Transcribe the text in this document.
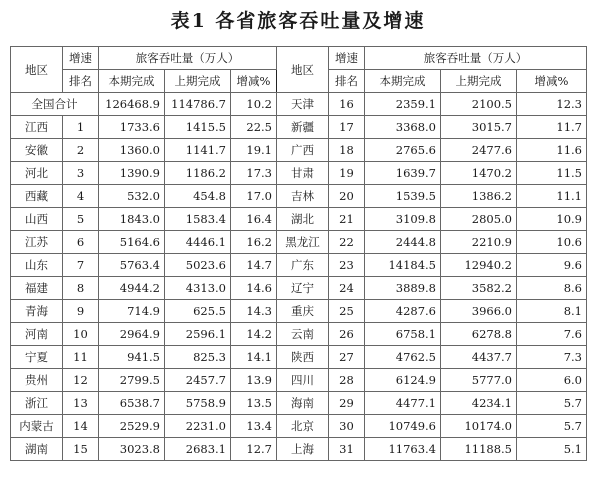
表1 各省旅客吞吐量及增速
地区	增速	旅客吞吐量（万人）			地区	增速	旅客吞吐量（万人）		
	排名	本期完成	上期完成	增减%		排名	本期完成	上期完成	增减%
全国合计		126468.9	114786.7	10.2	天津	16	2359.1	2100.5	12.3
江西	1	1733.6	1415.5	22.5	新疆	17	3368.0	3015.7	11.7
安徽	2	1360.0	1141.7	19.1	广西	18	2765.6	2477.6	11.6
河北	3	1390.9	1186.2	17.3	甘肃	19	1639.7	1470.2	11.5
西藏	4	532.0	454.8	17.0	吉林	20	1539.5	1386.2	11.1
山西	5	1843.0	1583.4	16.4	湖北	21	3109.8	2805.0	10.9
江苏	6	5164.6	4446.1	16.2	黑龙江	22	2444.8	2210.9	10.6
山东	7	5763.4	5023.6	14.7	广东	23	14184.5	12940.2	9.6
福建	8	4944.2	4313.0	14.6	辽宁	24	3889.8	3582.2	8.6
青海	9	714.9	625.5	14.3	重庆	25	4287.6	3966.0	8.1
河南	10	2964.9	2596.1	14.2	云南	26	6758.1	6278.8	7.6
宁夏	11	941.5	825.3	14.1	陕西	27	4762.5	4437.7	7.3
贵州	12	2799.5	2457.7	13.9	四川	28	6124.9	5777.0	6.0
浙江	13	6538.7	5758.9	13.5	海南	29	4477.1	4234.1	5.7
内蒙古	14	2529.9	2231.0	13.4	北京	30	10749.6	10174.0	5.7
湖南	15	3023.8	2683.1	12.7	上海	31	11763.4	11188.5	5.1
